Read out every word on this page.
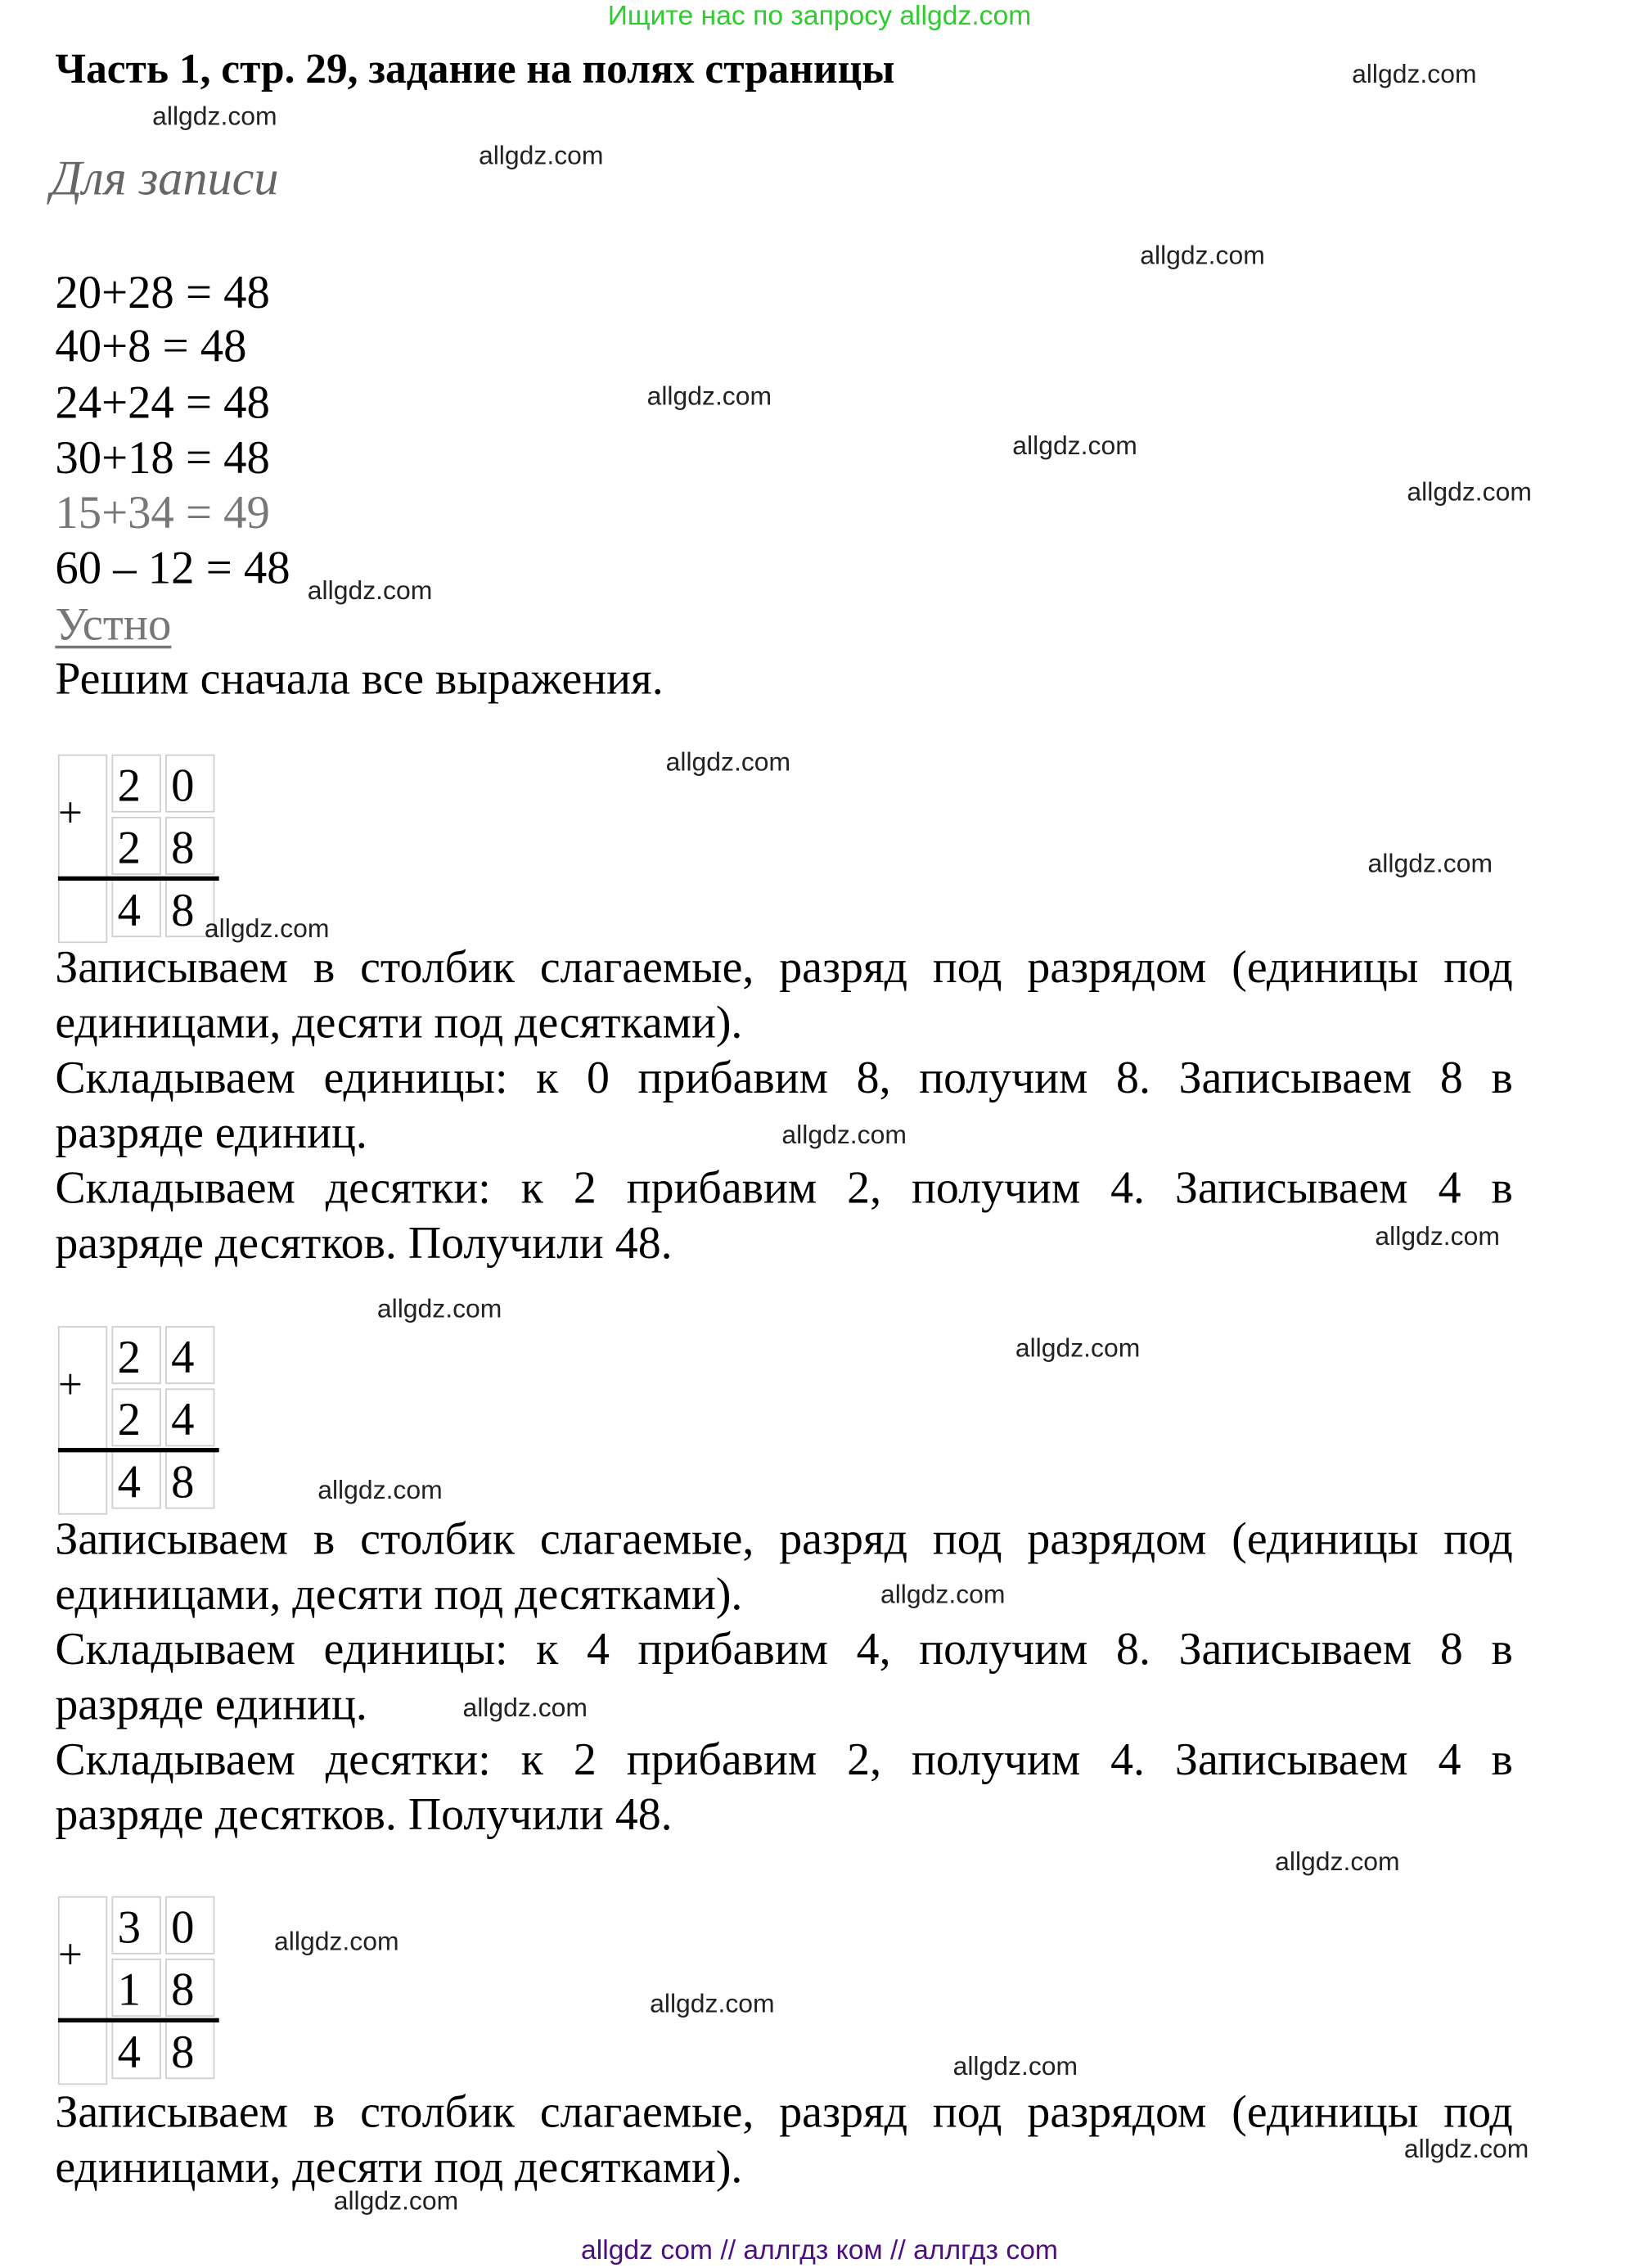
Ищите нас по запросу allgdz.com
Часть 1, стр. 29, задание на полях страницы
Для записи
20+28 = 48
40+8 = 48
24+24 = 48
30+18 = 48
15+34 = 49
60 – 12 = 48
Устно
Решим сначала все выражения.
+
2	0
2	8
4	8
+
2	4
2	4
4	8
+
3	0
1	8
4	8
Записываем в столбик слагаемые, разряд под разрядом (единицы под
единицами, десяти под десятками).
Складываем единицы: к 0 прибавим 8, получим 8. Записываем 8 в
разряде единиц.
Складываем десятки: к 2 прибавим 2, получим 4. Записываем 4 в
разряде десятков. Получили 48.
Записываем в столбик слагаемые, разряд под разрядом (единицы под
единицами, десяти под десятками).
Складываем единицы: к 4 прибавим 4, получим 8. Записываем 8 в
разряде единиц.
Складываем десятки: к 2 прибавим 2, получим 4. Записываем 4 в
разряде десятков. Получили 48.
Записываем в столбик слагаемые, разряд под разрядом (единицы под
единицами, десяти под десятками).
allgdz.com
allgdz.com
allgdz.com
allgdz.com
allgdz.com
allgdz.com
allgdz.com
allgdz.com
allgdz.com
allgdz.com
allgdz.com
allgdz.com
allgdz.com
allgdz.com
allgdz.com
allgdz.com
allgdz.com
allgdz.com
allgdz.com
allgdz.com
allgdz.com
allgdz.com
allgdz.com
allgdz.com
allgdz com // аллгдз ком // аллгдз com
